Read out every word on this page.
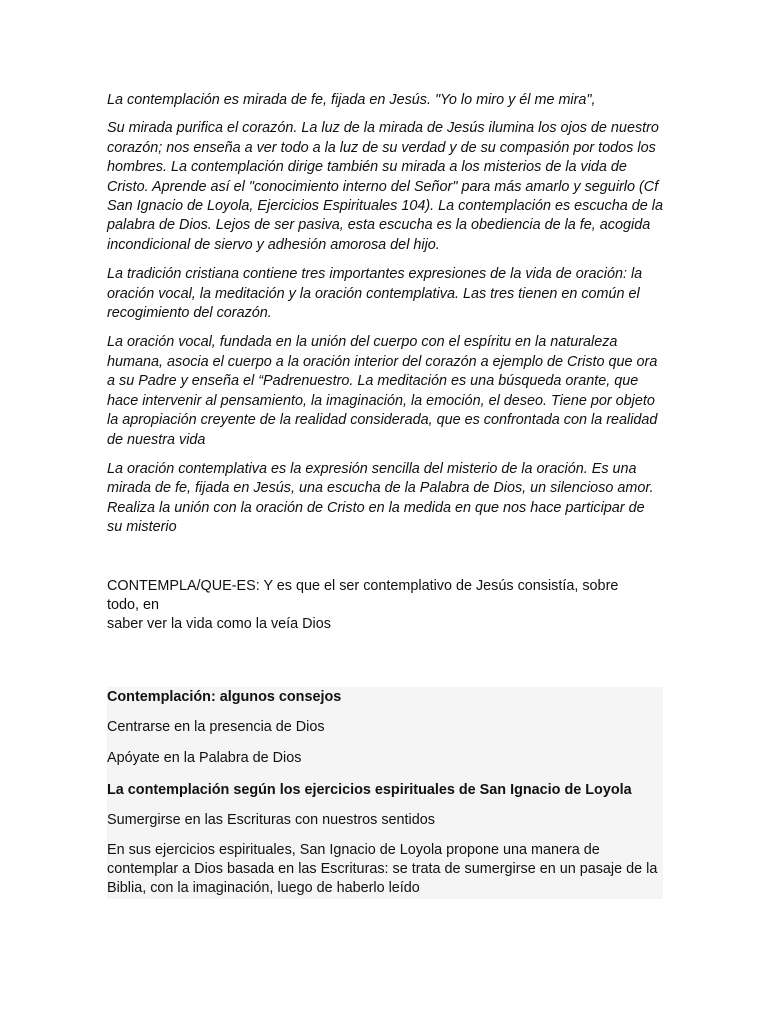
La contemplación es mirada de fe, fijada en Jesús. "Yo lo miro y él me mira",

Su mirada purifica el corazón. La luz de la mirada de Jesús ilumina los ojos de nuestro corazón; nos enseña a ver todo a la luz de su verdad y de su compasión por todos los hombres. La contemplación dirige también su mirada a los misterios de la vida de Cristo. Aprende así el "conocimiento interno del Señor" para más amarlo y seguirlo (Cf San Ignacio de Loyola, Ejercicios Espirituales 104). La contemplación es escucha de la palabra de Dios. Lejos de ser pasiva, esta escucha es la obediencia de la fe, acogida incondicional de siervo y adhesión amorosa del hijo.

La tradición cristiana contiene tres importantes expresiones de la vida de oración: la oración vocal, la meditación y la oración contemplativa. Las tres tienen en común el recogimiento del corazón.

La oración vocal, fundada en la unión del cuerpo con el espíritu en la naturaleza humana, asocia el cuerpo a la oración interior del corazón a ejemplo de Cristo que ora a su Padre y enseña el “Padrenuestro. La meditación es una búsqueda orante, que hace intervenir al pensamiento, la imaginación, la emoción, el deseo. Tiene por objeto la apropiación creyente de la realidad considerada, que es confrontada con la realidad de nuestra vida

La oración contemplativa es la expresión sencilla del misterio de la oración. Es una mirada de fe, fijada en Jesús, una escucha de la Palabra de Dios, un silencioso amor. Realiza la unión con la oración de Cristo en la medida en que nos hace participar de su misterio

CONTEMPLA/QUE-ES: Y es que el ser contemplativo de Jesús consistía, sobre

todo, en

saber ver la vida como la veía Dios

Contemplación: algunos consejos

Centrarse en la presencia de Dios

Apóyate en la Palabra de Dios

La contemplación según los ejercicios espirituales de San Ignacio de Loyola

Sumergirse en las Escrituras con nuestros sentidos

En sus ejercicios espirituales, San Ignacio de Loyola propone una manera de contemplar a Dios basada en las Escrituras: se trata de sumergirse en un pasaje de la Biblia, con la imaginación, luego de haberlo leído
